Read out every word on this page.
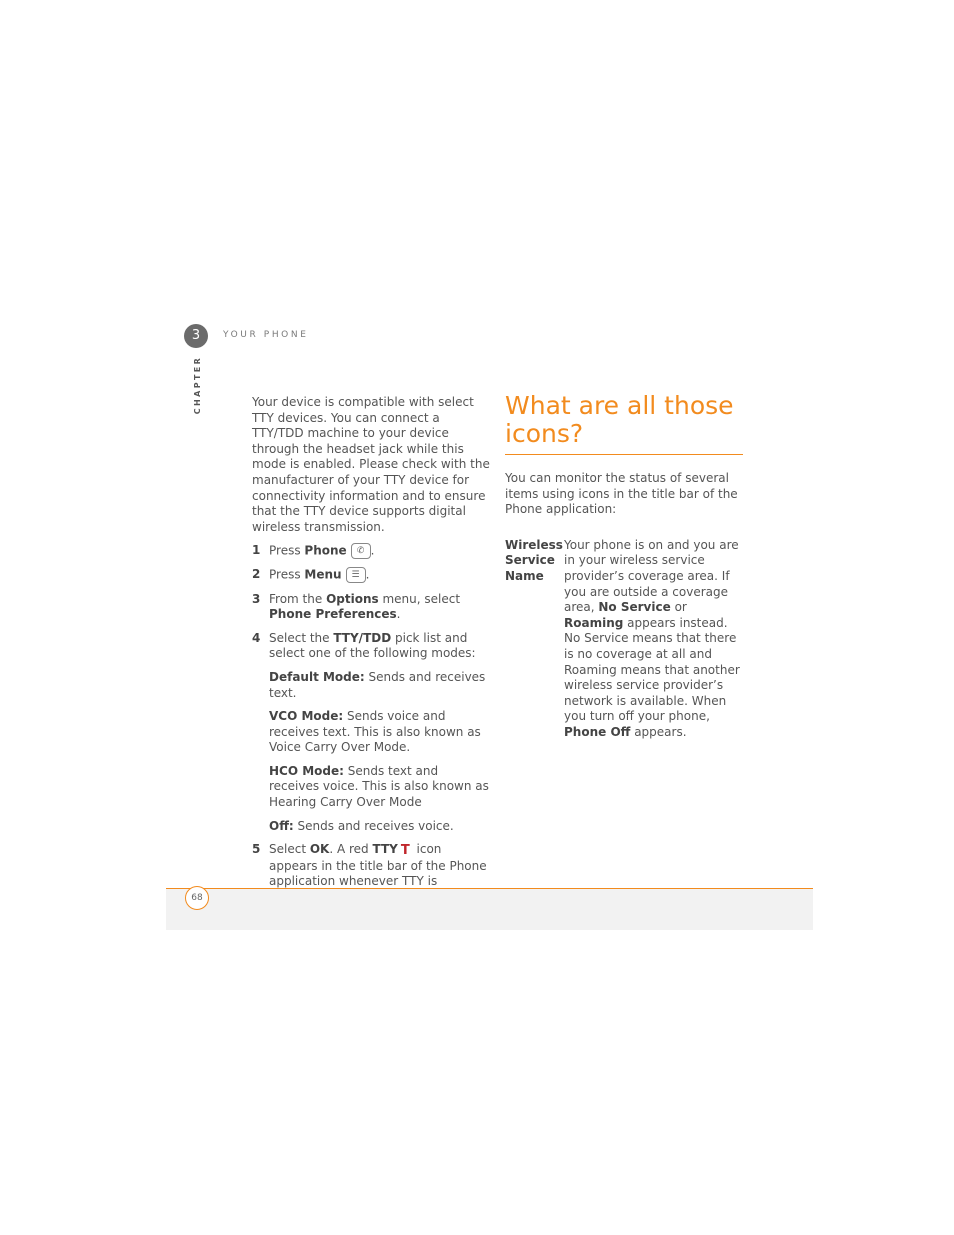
3	YOUR PHONE
CHAPTER	Your device is compatible with select TTY devices. You can connect a TTY/TDD machine to your device through the headset jack while this mode is enabled. Please check with the manufacturer of your TTY device for connectivity information and to ensure that the TTY device supports digital wireless transmission.

1 Press Phone ✆ .
2 Press Menu ☰ .
3 From the Options menu, select Phone Preferences.
4 Select the TTY/TDD pick list and select one of the following modes:
Default Mode: Sends and receives text.
VCO Mode: Sends voice and receives text. This is also known as Voice Carry Over Mode.
HCO Mode: Sends text and receives voice. This is also known as Hearing Carry Over Mode
Off: Sends and receives voice.
5 Select OK. A red TTY T icon appears in the title bar of the Phone application whenever TTY is
What are all those icons?

You can monitor the status of several items using icons in the title bar of the Phone application:

Wireless Service Name
Your phone is on and you are in your wireless service provider’s coverage area. If you are outside a coverage area, No Service or Roaming appears instead. No Service means that there is no coverage at all and Roaming means that another wireless service provider’s network is available. When you turn off your phone, Phone Off appears.
68
